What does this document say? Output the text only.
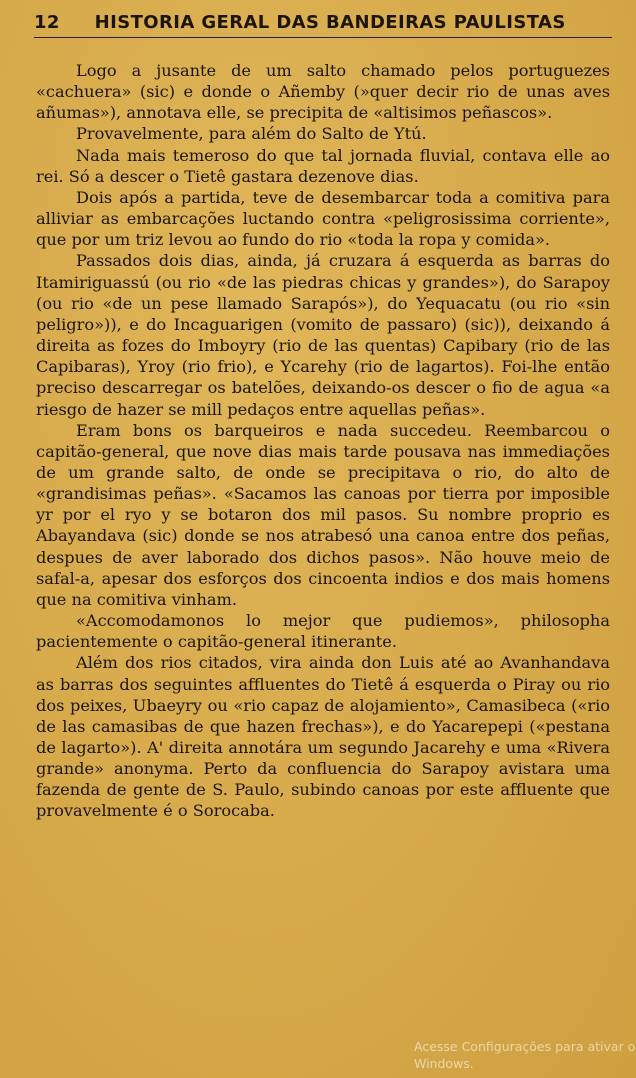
12 HISTORIA GERAL DAS BANDEIRAS PAULISTAS

Logo a jusante de um salto chamado pelos portuguezes «cachuera» (sic) e donde o Añemby (»quer decir rio de unas aves añumas»), annotava elle, se precipita de «altisimos peñascos».

Provavelmente, para além do Salto de Ytú.

Nada mais temeroso do que tal jornada fluvial, contava elle ao rei. Só a descer o Tietê gastara dezenove dias.

Dois após a partida, teve de desembarcar toda a comitiva para alliviar as embarcações luctando contra «peligrosissima corriente», que por um triz levou ao fundo do rio «toda la ropa y comida».

Passados dois dias, ainda, já cruzara á esquerda as barras do Itamiriguassú (ou rio «de las piedras chicas y grandes»), do Sarapoy (ou rio «de un pese llamado Sarapós»), do Yequacatu (ou rio «sin peligro»)), e do Incaguarigen (vomito de passaro) (sic)), deixando á direita as fozes do Imboyry (rio de las quentas) Capibary (rio de las Capibaras), Yroy (rio frio), e Ycarehy (rio de lagartos). Foi-lhe então preciso descarregar os batelões, deixando-os descer o fio de agua «a riesgo de hazer se mill pedaços entre aquellas peñas».

Eram bons os barqueiros e nada succedeu. Reembarcou o capitão-general, que nove dias mais tarde pousava nas immediações de um grande salto, de onde se precipitava o rio, do alto de «grandisimas peñas». «Sacamos las canoas por tierra por imposible yr por el ryo y se botaron dos mil pasos. Su nombre proprio es Abayandava (sic) donde se nos atrabesó una canoa entre dos peñas, despues de aver laborado dos dichos pasos». Não houve meio de safal-a, apesar dos esforços dos cincoenta indios e dos mais homens que na comitiva vinham.

«Accomodamonos lo mejor que pudiemos», philosopha pacientemente o capitão-general itinerante.

Além dos rios citados, vira ainda don Luis até ao Avanhandava as barras dos seguintes affluentes do Tietê á esquerda o Piray ou rio dos peixes, Ubaeyry ou «rio capaz de alojamiento», Camasibeca («rio de las camasibas de que hazen frechas»), e do Yacarepepi («pestana de lagarto»). A' direita annotára um segundo Jacarehy e uma «Rivera grande» anonyma. Perto da confluencia do Sarapoy avistara uma fazenda de gente de S. Paulo, subindo canoas por este affluente que provavelmente é o Sorocaba.

Acesse Configurações para ativar o
Windows.
